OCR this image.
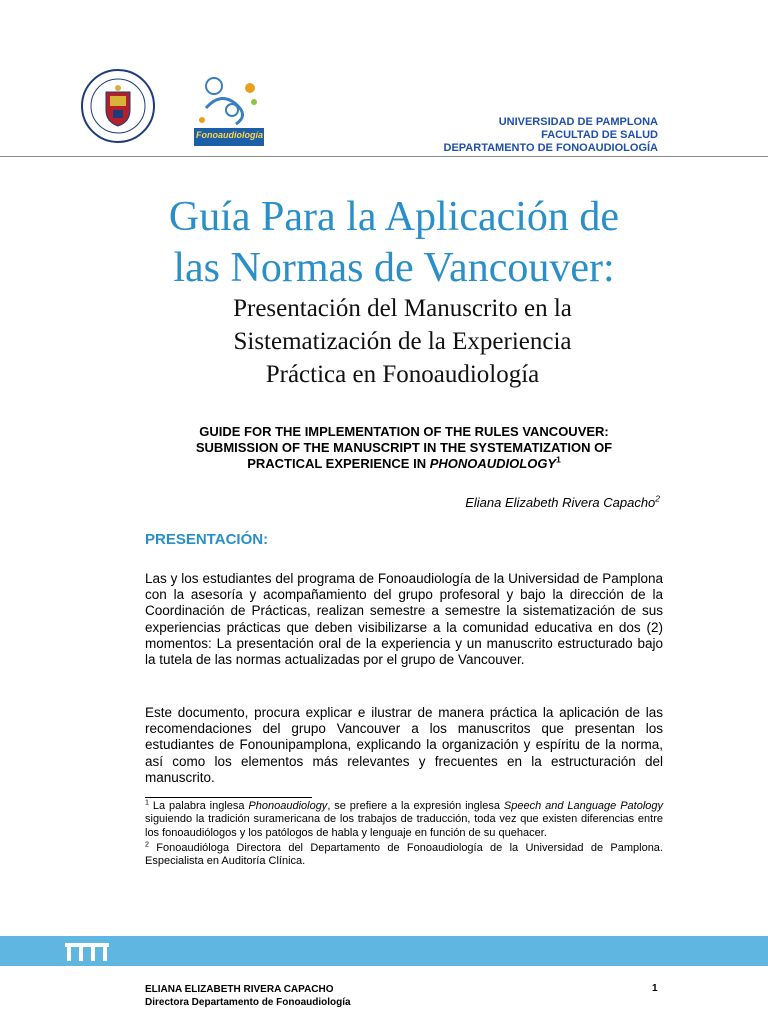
Fonoaudiología
UNIVERSIDAD DE PAMPLONA
FACULTAD DE SALUD
DEPARTAMENTO DE FONOAUDIOLOGÍA
Guía Para la Aplicación de
las Normas de Vancouver:
Presentación del Manuscrito en la
Sistematización de la Experiencia
Práctica en Fonoaudiología
GUIDE FOR THE IMPLEMENTATION OF THE RULES VANCOUVER:
SUBMISSION OF THE MANUSCRIPT IN THE SYSTEMATIZATION OF
PRACTICAL EXPERIENCE IN PHONOAUDIOLOGY$^1$
Eliana Elizabeth Rivera Capacho$^2$
PRESENTACIÓN:
Las y los estudiantes del programa de Fonoaudiología de la Universidad de Pamplona con la asesoría y acompañamiento del grupo profesoral y bajo la dirección de la Coordinación de Prácticas, realizan semestre a semestre la sistematización de sus experiencias prácticas que deben visibilizarse a la comunidad educativa en dos (2) momentos: La presentación oral de la experiencia y un manuscrito estructurado bajo la tutela de las normas actualizadas por el grupo de Vancouver.
Este documento, procura explicar e ilustrar de manera práctica la aplicación de las recomendaciones del grupo Vancouver a los manuscritos que presentan los estudiantes de Fonounipamplona, explicando la organización y espíritu de la norma, así como los elementos más relevantes y frecuentes en la estructuración del manuscrito.

$^1$ La palabra inglesa Phonoaudiology, se prefiere a la expresión inglesa Speech and Language Patology siguiendo la tradición suramericana de los trabajos de traducción, toda vez que existen diferencias entre los fonoaudiólogos y los patólogos de habla y lenguaje en función de su quehacer.

$^2$ Fonoaudióloga Directora del Departamento de Fonoaudiología de la Universidad de Pamplona. Especialista en Auditoría Clínica.

ELIANA ELIZABETH RIVERA CAPACHO
Directora Departamento de Fonoaudiología
1
